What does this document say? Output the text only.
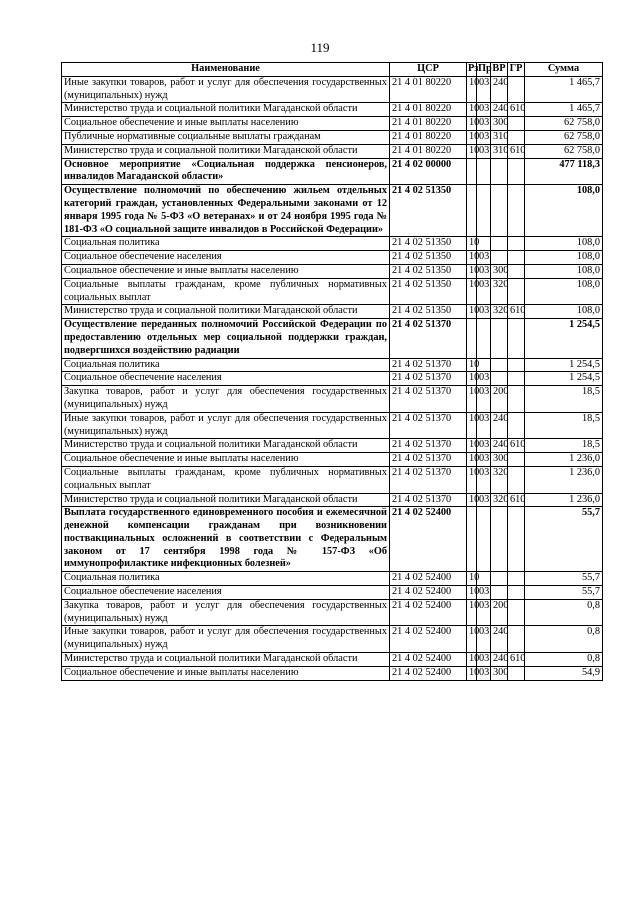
119
Наименование	ЦСР	Рз	Пр	ВР	ГР	Сумма
Иные закупки товаров, работ и услуг для обеспечения государственных (муниципальных) нужд	21 4 01 80220	10	03	240		1 465,7
Министерство труда и социальной политики Магаданской области	21 4 01 80220	10	03	240	610	1 465,7
Социальное обеспечение и иные выплаты населению	21 4 01 80220	10	03	300		62 758,0
Публичные нормативные социальные выплаты гражданам	21 4 01 80220	10	03	310		62 758,0
Министерство труда и социальной политики Магаданской области	21 4 01 80220	10	03	310	610	62 758,0
Основное мероприятие «Социальная поддержка пенсионеров, инвалидов Магаданской области»	21 4 02 00000					477 118,3
Осуществление полномочий по обеспечению жильем отдельных категорий граждан, установленных Федеральными законами от 12 января 1995 года № 5-ФЗ «О ветеранах» и от 24 ноября 1995 года № 181-ФЗ «О социальной защите инвалидов в Российской Федерации»	21 4 02 51350					108,0
Социальная политика	21 4 02 51350	10				108,0
Социальное обеспечение населения	21 4 02 51350	10	03			108,0
Социальное обеспечение и иные выплаты населению	21 4 02 51350	10	03	300		108,0
Социальные выплаты гражданам, кроме публичных нормативных социальных выплат	21 4 02 51350	10	03	320		108,0
Министерство труда и социальной политики Магаданской области	21 4 02 51350	10	03	320	610	108,0
Осуществление переданных полномочий Российской Федерации по предоставлению отдельных мер социальной поддержки граждан, подвергшихся воздействию радиации	21 4 02 51370					1 254,5
Социальная политика	21 4 02 51370	10				1 254,5
Социальное обеспечение населения	21 4 02 51370	10	03			1 254,5
Закупка товаров, работ и услуг для обеспечения государственных (муниципальных) нужд	21 4 02 51370	10	03	200		18,5
Иные закупки товаров, работ и услуг для обеспечения государственных (муниципальных) нужд	21 4 02 51370	10	03	240		18,5
Министерство труда и социальной политики Магаданской области	21 4 02 51370	10	03	240	610	18,5
Социальное обеспечение и иные выплаты населению	21 4 02 51370	10	03	300		1 236,0
Социальные выплаты гражданам, кроме публичных нормативных социальных выплат	21 4 02 51370	10	03	320		1 236,0
Министерство труда и социальной политики Магаданской области	21 4 02 51370	10	03	320	610	1 236,0
Выплата государственного единовременного пособия и ежемесячной денежной компенсации гражданам при возникновении поствакцинальных осложнений в соответствии с Федеральным законом от 17 сентября 1998 года № 157-ФЗ «Об иммунопрофилактике инфекционных болезней»	21 4 02 52400					55,7
Социальная политика	21 4 02 52400	10				55,7
Социальное обеспечение населения	21 4 02 52400	10	03			55,7
Закупка товаров, работ и услуг для обеспечения государственных (муниципальных) нужд	21 4 02 52400	10	03	200		0,8
Иные закупки товаров, работ и услуг для обеспечения государственных (муниципальных) нужд	21 4 02 52400	10	03	240		0,8
Министерство труда и социальной политики Магаданской области	21 4 02 52400	10	03	240	610	0,8
Социальное обеспечение и иные выплаты населению	21 4 02 52400	10	03	300		54,9
